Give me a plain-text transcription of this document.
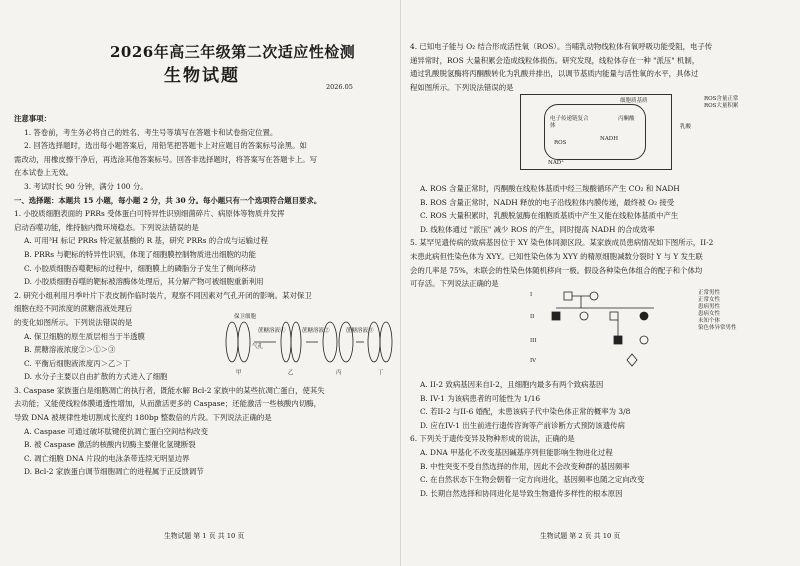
2026年高三年级第二次适应性检测
生物试题
2026.05

注意事项：

1. 答卷前，考生务必将自己的姓名、考生号等填写在答题卡和试卷指定位置。

2. 回答选择题时，选出每小题答案后，用铅笔把答题卡上对应题目的答案标号涂黑。如

需改动，用橡皮擦干净后，再选涂其他答案标号。回答非选择题时，将答案写在答题卡上。写

在本试卷上无效。

3. 考试时长 90 分钟，满分 100 分。

一、选择题：本题共 15 小题，每小题 2 分，共 30 分。每小题只有一个选项符合题目要求。

1. 小胶质细胞表面的 PRRs 受体蛋白可特异性识别细菌碎片、病原体等物质并发挥

启动吞噬功能，维持脑内微环境稳态。下列说法错误的是

A. 可用³H 标记 PRRs 特定氨基酸的 R 基，研究 PRRs 的合成与运输过程

B. PRRs 与靶标的特异性识别，体现了细胞膜控制物质进出细胞的功能

C. 小胶质细胞吞噬靶标的过程中，细胞膜上的磷脂分子发生了侧向移动

D. 小胶质细胞吞噬的靶标被溶酶体处理后，其分解产物可被细胞重新利用

2. 研究小组利用月季叶片下表皮制作临时装片，观察不同因素对气孔开闭的影响。某对保卫

细胞在经不同浓度的蔗糖溶液处理后

的变化如图所示。下列说法错误的是

A. 保卫细胞的原生质层相当于半透膜

B. 蔗糖溶液浓度②＞①＞③

C. 平衡后细胞液浓度丙＞乙＞丁

D. 水分子主要以自由扩散的方式进入了细胞

3. Caspase 家族蛋白是细胞凋亡的执行者，既能水解 Bcl-2 家族中的某些抗凋亡蛋白，使其失

去功能；又能使线粒体膜通透性增加，从而激活更多的 Caspase；还能激活一些核酸内切酶，

导致 DNA 被规律性地切割成长度约 180bp 整数倍的片段。下列说法正确的是

A. Caspase 可通过破坏肽键使抗凋亡蛋白空间结构改变

B. 被 Caspase 激活的核酸内切酶主要催化氢键断裂

C. 凋亡细胞 DNA 片段的电泳条带连续无明显边界

D. Bcl-2 家族蛋白调节细胞凋亡的进程属于正反馈调节

保卫细胞
气孔
蔗糖溶液①	蔗糖溶液②	蔗糖溶液③
甲	乙	丙	丁
生物试题 第 1 页 共 10 页

4. 已知电子能与 O₂ 结合形成活性氧（ROS）。当哺乳动物线粒体有氧呼吸功能受阻，电子传

递异常时，ROS 大量积累会造成线粒体损伤。研究发现，线粒体存在一种 "派压" 机制，

通过乳酸脱氢酶将丙酮酸转化为乳酸并排出，以调节基质内能量与活性氧的水平，具体过

程如图所示。下列说法错误的是

细胞质基质
丙酮酸
乳酸
NADH
NAD⁺
电子传递链复合体
ROS
ROS含量正常
ROS大量积累

A. ROS 含量正常时，丙酮酸在线粒体基质中经三羧酸循环产生 CO₂ 和 NADH

B. ROS 含量正常时，NADH 释放的电子沿线粒体内膜传递，最终被 O₂ 接受

C. ROS 大量积累时，乳酸脱氢酶在细胞质基质中产生又能在线粒体基质中产生

D. 线粒体通过 "派压" 减少 ROS 的产生，同时提高 NADH 的合成效率

5. 某罕见遗传病的致病基因位于 XY 染色体同源区段。某家族成员患病情况如下图所示，II-2

未患此病但性染色体为 XYY。已知性染色体为 XYY 的精原细胞减数分裂时 Y 与 Y 发生联

会的几率是 75%，未联会的性染色体随机移向一极。假设各种染色体组合的配子和个体均

可存活。下列说法正确的是

I
II
III
IV
正常男性
正常女性
患病男性
患病女性
未知个体
染色体异常男性

A. II-2 致病基因来自I-2，且细胞内最多有两个致病基因

B. IV-1 为该病患者的可能性为 1/16

C. 若II-2 与II-6 婚配，未患该病子代中染色体正常的概率为 3/8

D. 应在IV-1 出生前进行遗传咨询等产前诊断方式预防该遗传病

6. 下列关于遗传变异及物种形成的说法，正确的是

A. DNA 甲基化不改变基因碱基序列但能影响生物进化过程

B. 中性突变不受自然选择的作用，因此不会改变种群的基因频率

C. 在自然状态下生物会朝着一定方向进化，基因频率也随之定向改变

D. 长期自然选择和协同进化是导致生物遗传多样性的根本原因

生物试题 第 2 页 共 10 页
